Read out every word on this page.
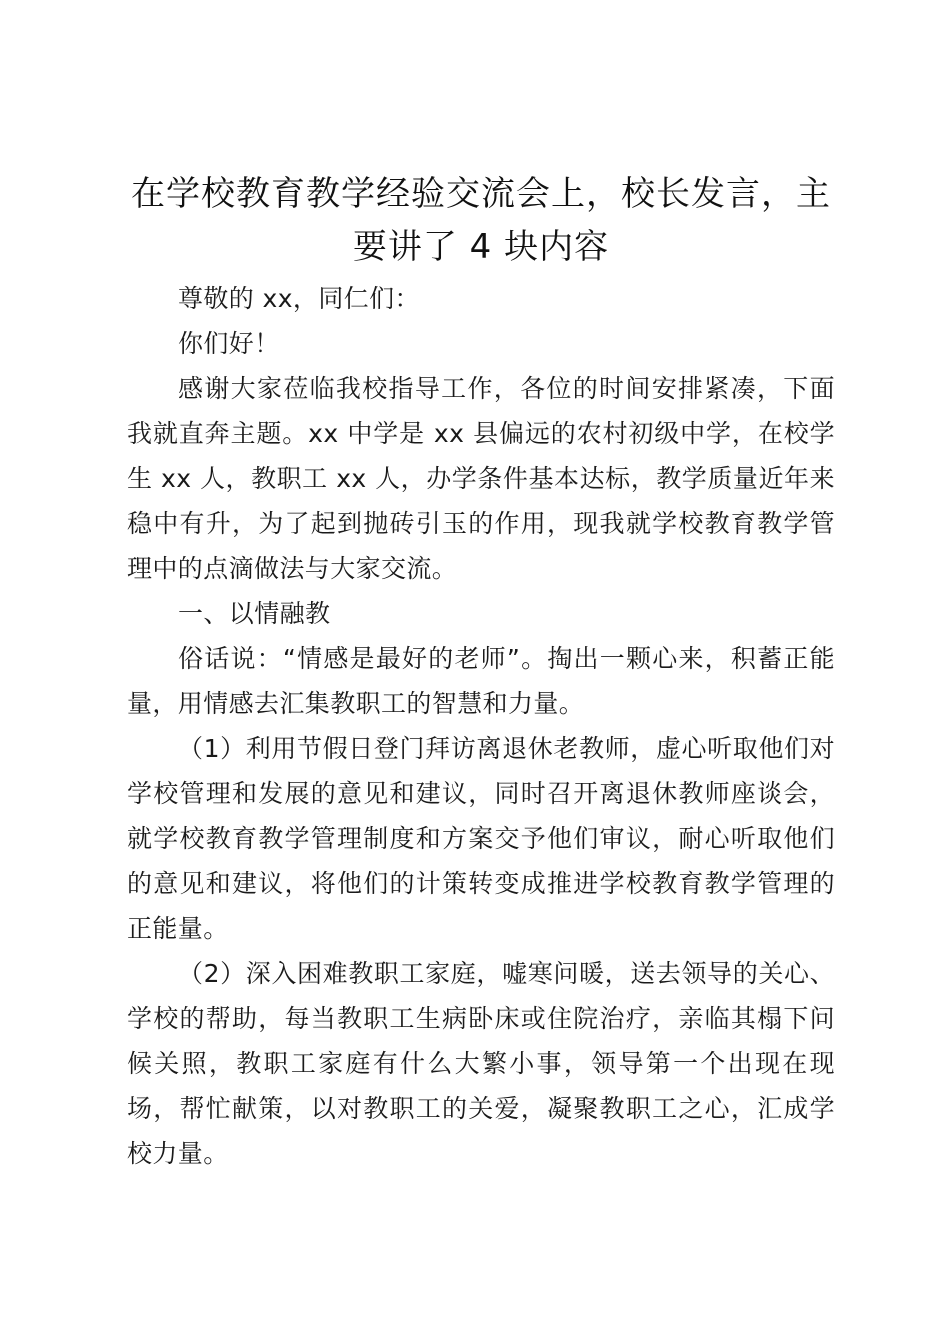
在学校教育教学经验交流会上，校长发言，主要讲了 4 块内容

尊敬的 xx，同仁们：

你们好！

感谢大家莅临我校指导工作，各位的时间安排紧凑，下面我就直奔主题。xx 中学是 xx 县偏远的农村初级中学，在校学生 xx 人，教职工 xx 人，办学条件基本达标，教学质量近年来稳中有升，为了起到抛砖引玉的作用，现我就学校教育教学管理中的点滴做法与大家交流。

一、以情融教

俗话说：“情感是最好的老师”。掏出一颗心来，积蓄正能量，用情感去汇集教职工的智慧和力量。

（1）利用节假日登门拜访离退休老教师，虚心听取他们对学校管理和发展的意见和建议，同时召开离退休教师座谈会，就学校教育教学管理制度和方案交予他们审议，耐心听取他们的意见和建议，将他们的计策转变成推进学校教育教学管理的正能量。

（2）深入困难教职工家庭，嘘寒问暖，送去领导的关心、学校的帮助，每当教职工生病卧床或住院治疗，亲临其榻下问候关照，教职工家庭有什么大繁小事，领导第一个出现在现场，帮忙献策，以对教职工的关爱，凝聚教职工之心，汇成学校力量。
